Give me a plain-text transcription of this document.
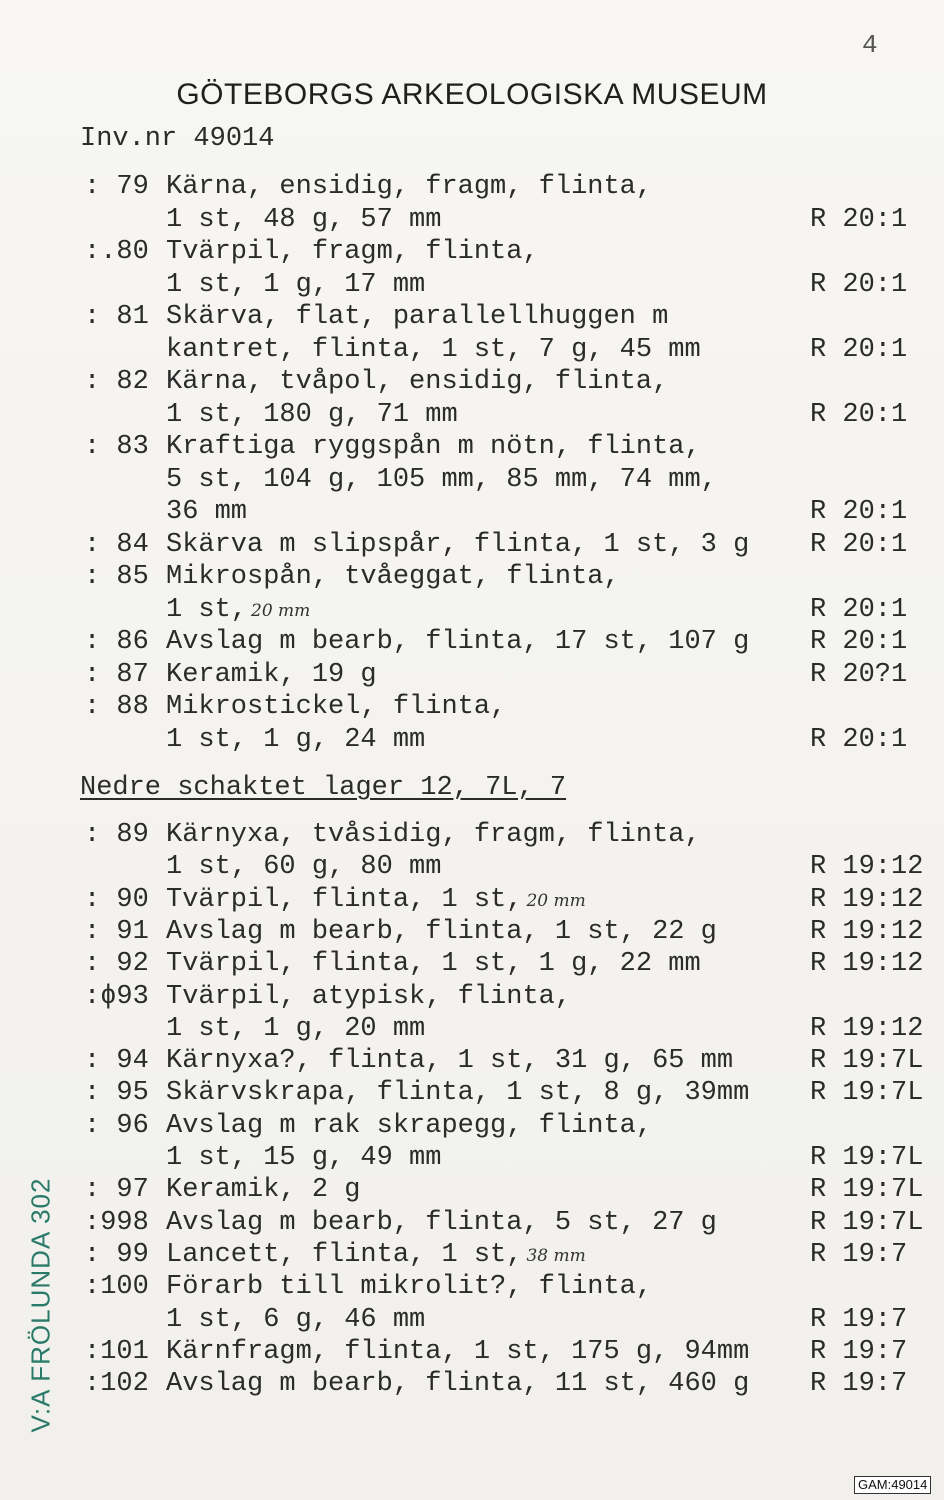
4
GÖTEBORGS ARKEOLOGISKA MUSEUM
Inv.nr 49014
: 79 Kärna, ensidig, fragm, flinta,
1 st, 48 g, 57 mm	R 20:1
:.80 Tvärpil, fragm, flinta,
1 st, 1 g, 17 mm	R 20:1
: 81 Skärva, flat, parallellhuggen m
kantret, flinta, 1 st, 7 g, 45 mm	R 20:1
: 82 Kärna, tvåpol, ensidig, flinta,
1 st, 180 g, 71 mm	R 20:1
: 83 Kraftiga ryggspån m nötn, flinta,
5 st, 104 g, 105 mm, 85 mm, 74 mm,
36 mm	R 20:1
: 84 Skärva m slipspår, flinta, 1 st, 3 g R 20:1
: 85 Mikrospån, tvåeggat, flinta,
1 st, 20 mm	R 20:1
: 86 Avslag m bearb, flinta, 17 st, 107 g R 20:1
: 87 Keramik, 19 g	R 20?1
: 88 Mikrostickel, flinta,
1 st, 1 g, 24 mm	R 20:1
Nedre schaktet lager 12, 7L, 7
: 89 Kärnyxa, tvåsidig, fragm, flinta,
1 st, 60 g, 80 mm	R 19:12
: 90 Tvärpil, flinta, 1 st, 20 mm	R 19:12
: 91 Avslag m bearb, flinta, 1 st, 22 g	R 19:12
: 92 Tvärpil, flinta, 1 st, 1 g, 22 mm	R 19:12
:ϕ93 Tvärpil, atypisk, flinta,
1 st, 1 g, 20 mm	R 19:12
: 94 Kärnyxa?, flinta, 1 st, 31 g, 65 mm	R 19:7L
: 95 Skärvskrapa, flinta, 1 st, 8 g, 39mm R 19:7L
: 96 Avslag m rak skrapegg, flinta,
1 st, 15 g, 49 mm	R 19:7L
: 97 Keramik, 2 g	R 19:7L
:998 Avslag m bearb, flinta, 5 st, 27 g	R 19:7L
: 99 Lancett, flinta, 1 st, 38 mm	R 19:7
:100 Förarb till mikrolit?, flinta,
1 st, 6 g, 46 mm	R 19:7
:101 Kärnfragm, flinta, 1 st, 175 g, 94mm R 19:7
:102 Avslag m bearb, flinta, 11 st, 460 g R 19:7
V:A FRÖLUNDA 302
GAM:49014
